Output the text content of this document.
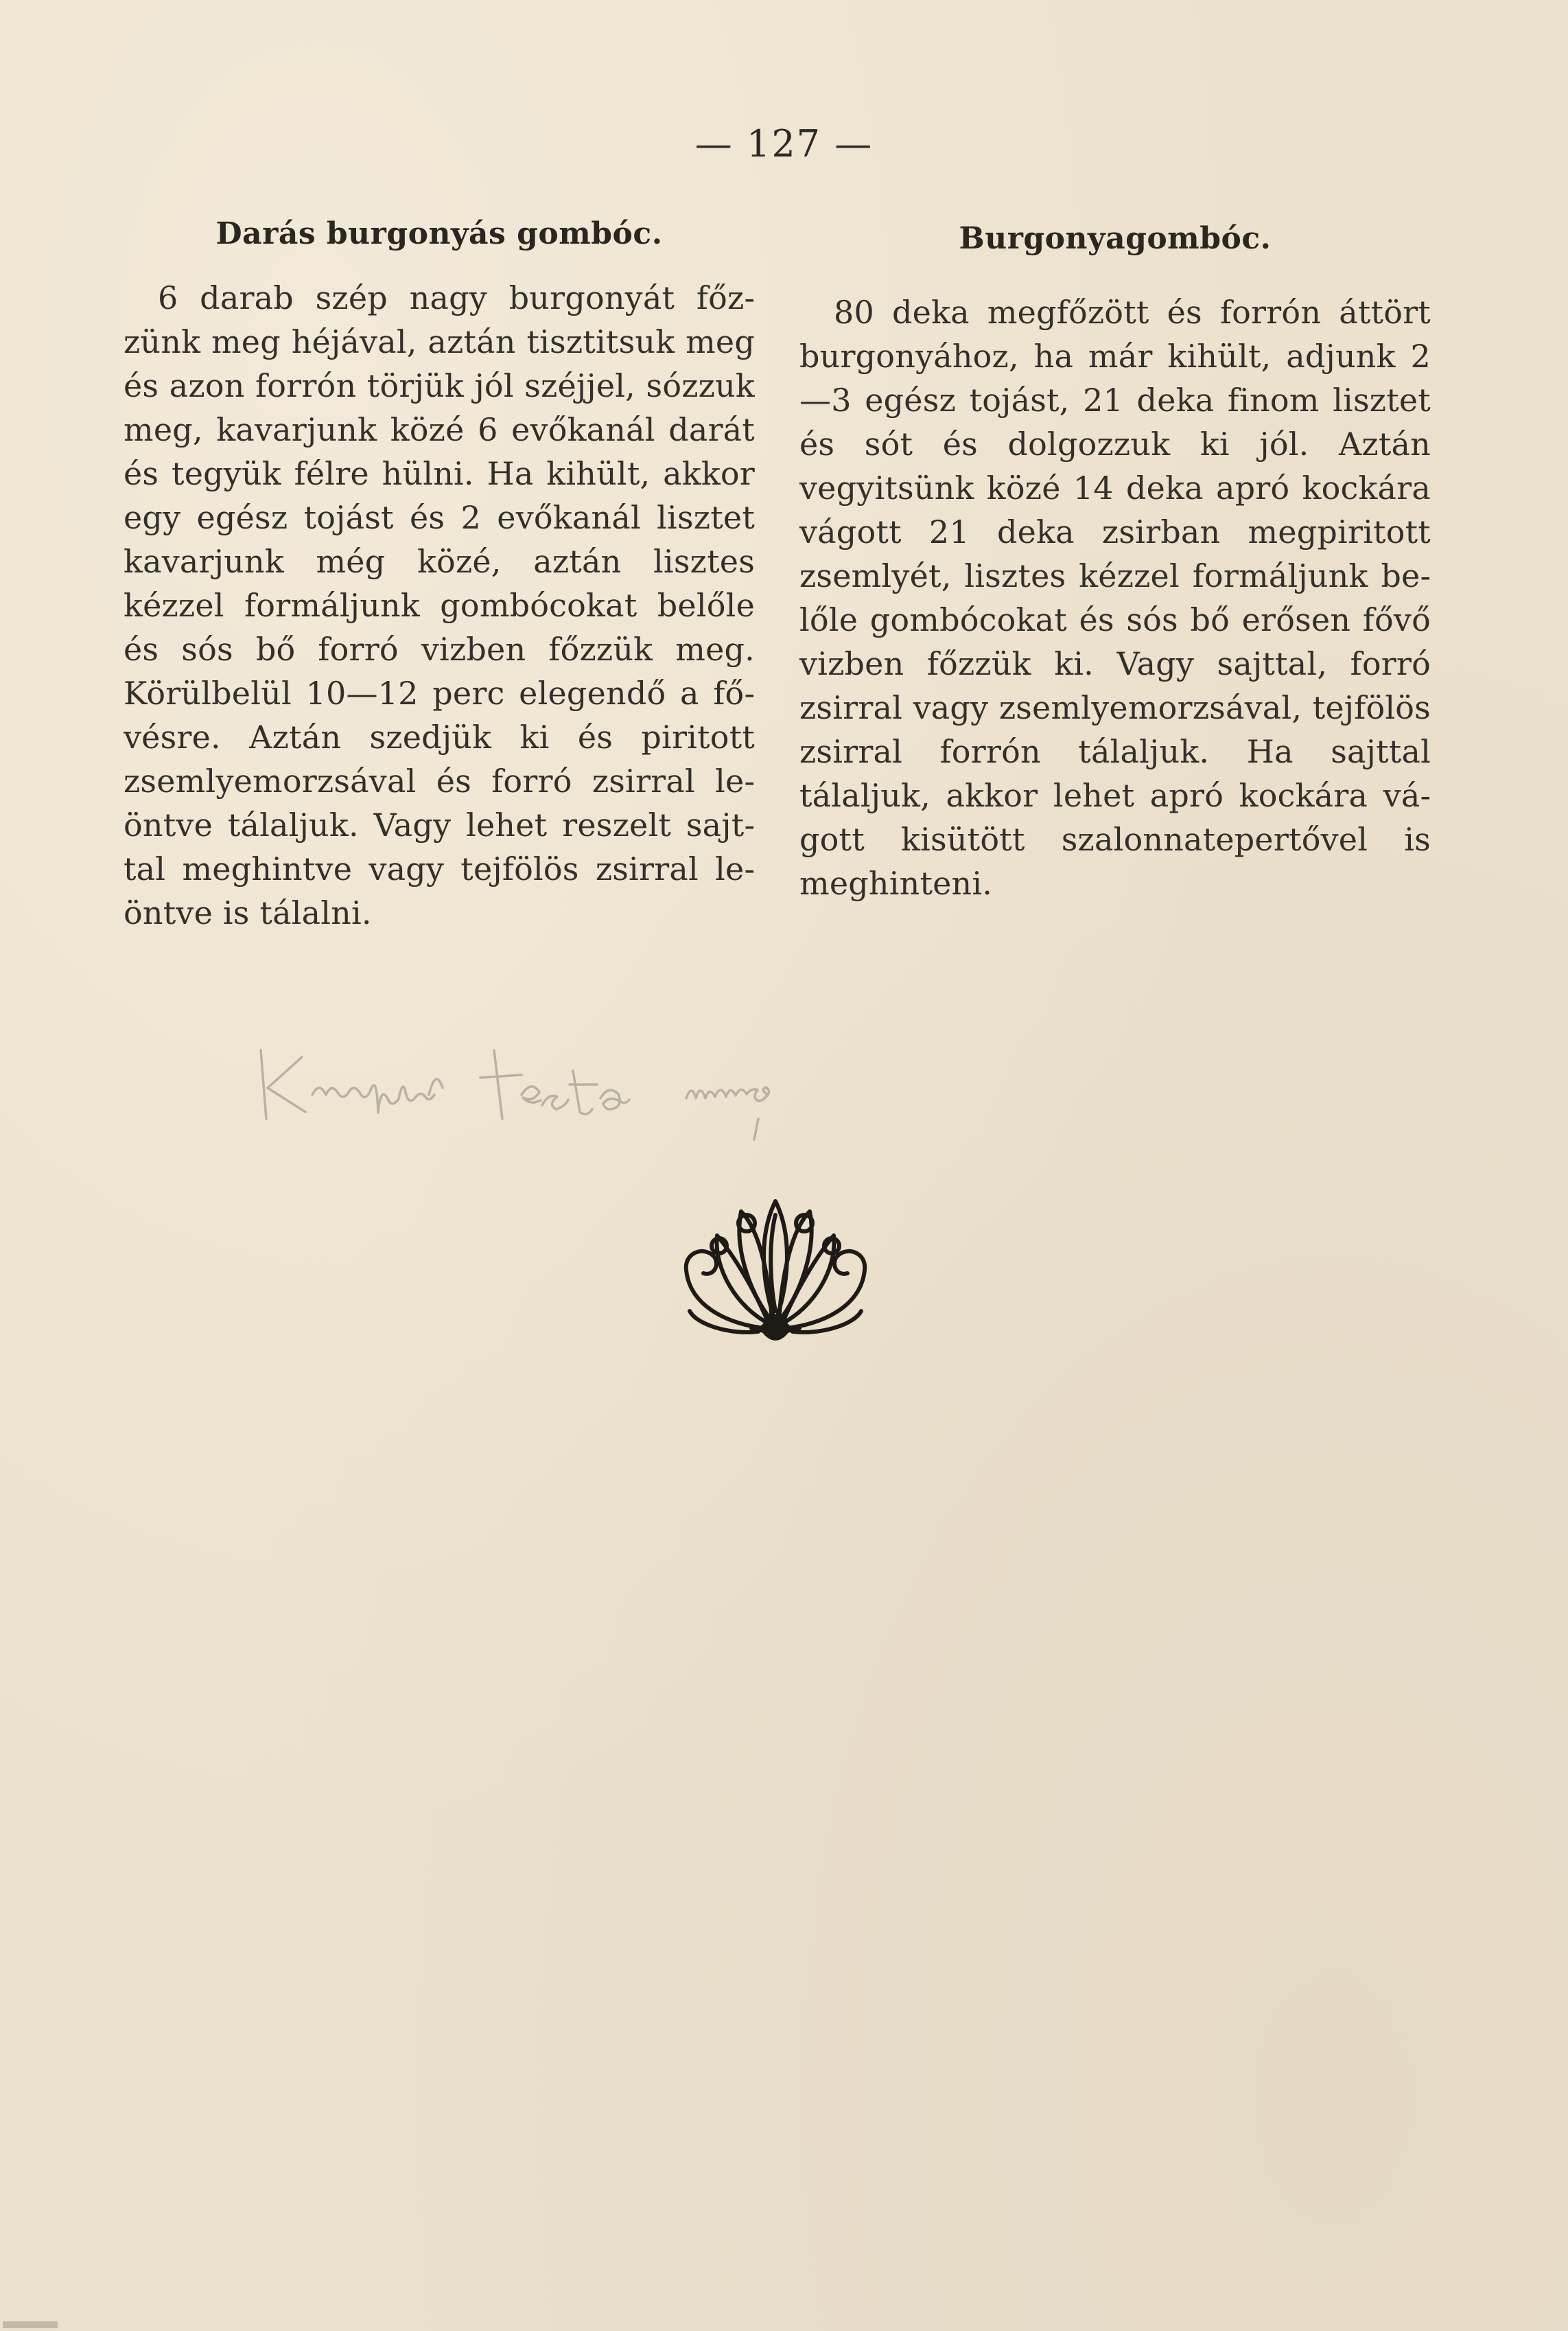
— 127 —
Darás burgonyás gombóc.

6 darab szép nagy burgonyát főzzünk meg héjával, aztán tisztitsuk meg és azon forrón törjük jól széjjel, sózzuk meg, kavarjunk közé 6 evőkanál darát és tegyük félre hülni. Ha kihült, akkor egy egész tojást és 2 evőkanál lisztet kavarjunk még közé, aztán lisztes kézzel formáljunk gombócokat belőle és sós bő forró vizben főzzük meg. Körülbelül 10—12 perc elegendő a fővésre. Aztán szedjük ki és piritott zsemlyemorzsával és forró zsirral leöntve tálaljuk. Vagy lehet reszelt sajttal meghintve vagy tejfölös zsirral leöntve is tálalni.

Burgonyagombóc.

80 deka megfőzött és forrón áttört burgonyához, ha már kihült, adjunk 2—3 egész tojást, 21 deka finom lisztet és sót és dolgozzuk ki jól. Aztán vegyitsünk közé 14 deka apró kockára vágott 21 deka zsirban megpiritott zsemlyét, lisztes kézzel formáljunk belőle gombócokat és sós bő erősen fővő vizben főzzük ki. Vagy sajttal, forró zsirral vagy zsemlyemorzsával, tejfölös zsirral forrón tálaljuk. Ha sajttal tálaljuk, akkor lehet apró kockára vágott kisütött szalonnatepertővel is meghinteni.
